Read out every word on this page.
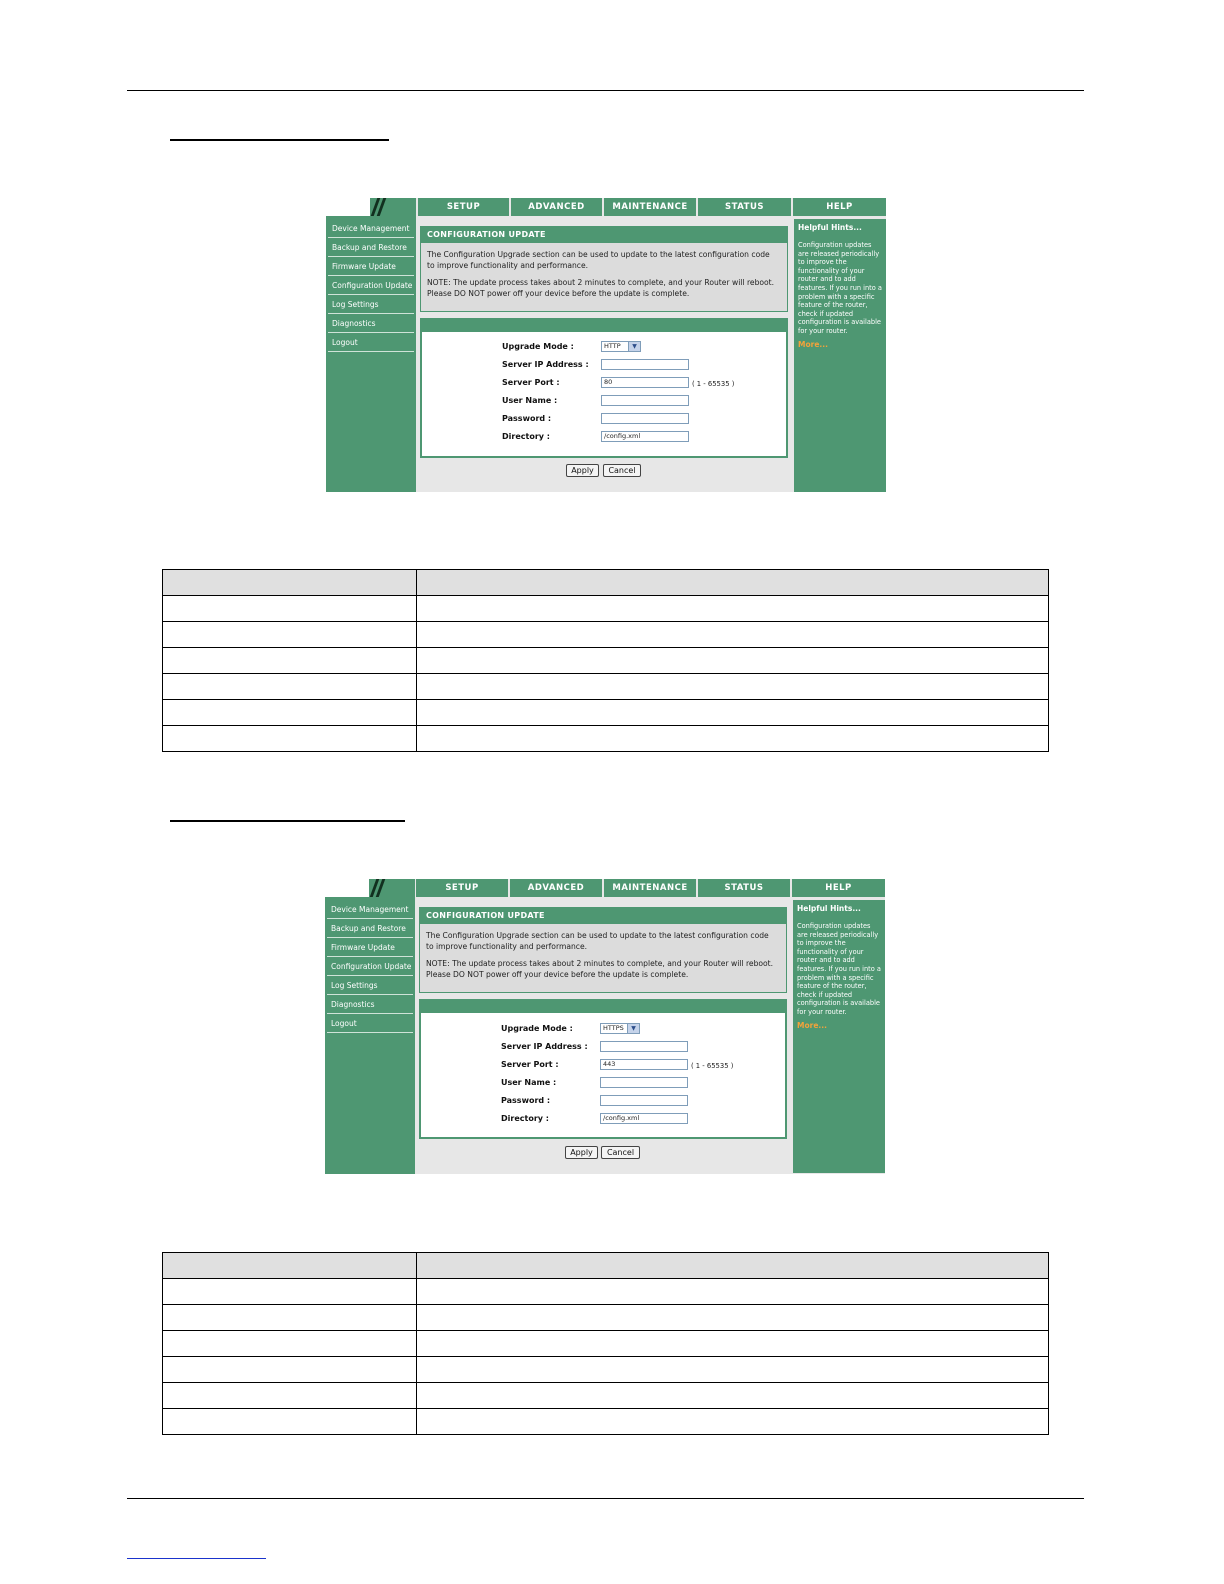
SETUP	ADVANCED	MAINTENANCE	STATUS	HELP
Device Management
Backup and Restore
Firmware Update
Configuration Update
Log Settings
Diagnostics
Logout
CONFIGURATION UPDATE
The Configuration Upgrade section can be used to update to the latest configuration code to improve functionality and performance.
NOTE: The update process takes about 2 minutes to complete, and your Router will reboot. Please DO NOT power off your device before the update is complete.
Upgrade Mode :	HTTP	▼
Server IP Address :
Server Port :	80	( 1 - 65535 )
User Name :
Password :
Directory :	/config.xml
Apply	Cancel
Helpful Hints...
Configuration updates are released periodically to improve the functionality of your router and to add features. If you run into a problem with a specific feature of the router, check if updated configuration is available for your router.
More...

SETUP	ADVANCED	MAINTENANCE	STATUS	HELP
Device Management
Backup and Restore
Firmware Update
Configuration Update
Log Settings
Diagnostics
Logout
CONFIGURATION UPDATE
The Configuration Upgrade section can be used to update to the latest configuration code to improve functionality and performance.
NOTE: The update process takes about 2 minutes to complete, and your Router will reboot. Please DO NOT power off your device before the update is complete.
Upgrade Mode :	HTTPS	▼
Server IP Address :
Server Port :	443	( 1 - 65535 )
User Name :
Password :
Directory :	/config.xml
Apply	Cancel
Helpful Hints...
Configuration updates are released periodically to improve the functionality of your router and to add features. If you run into a problem with a specific feature of the router, check if updated configuration is available for your router.
More...
